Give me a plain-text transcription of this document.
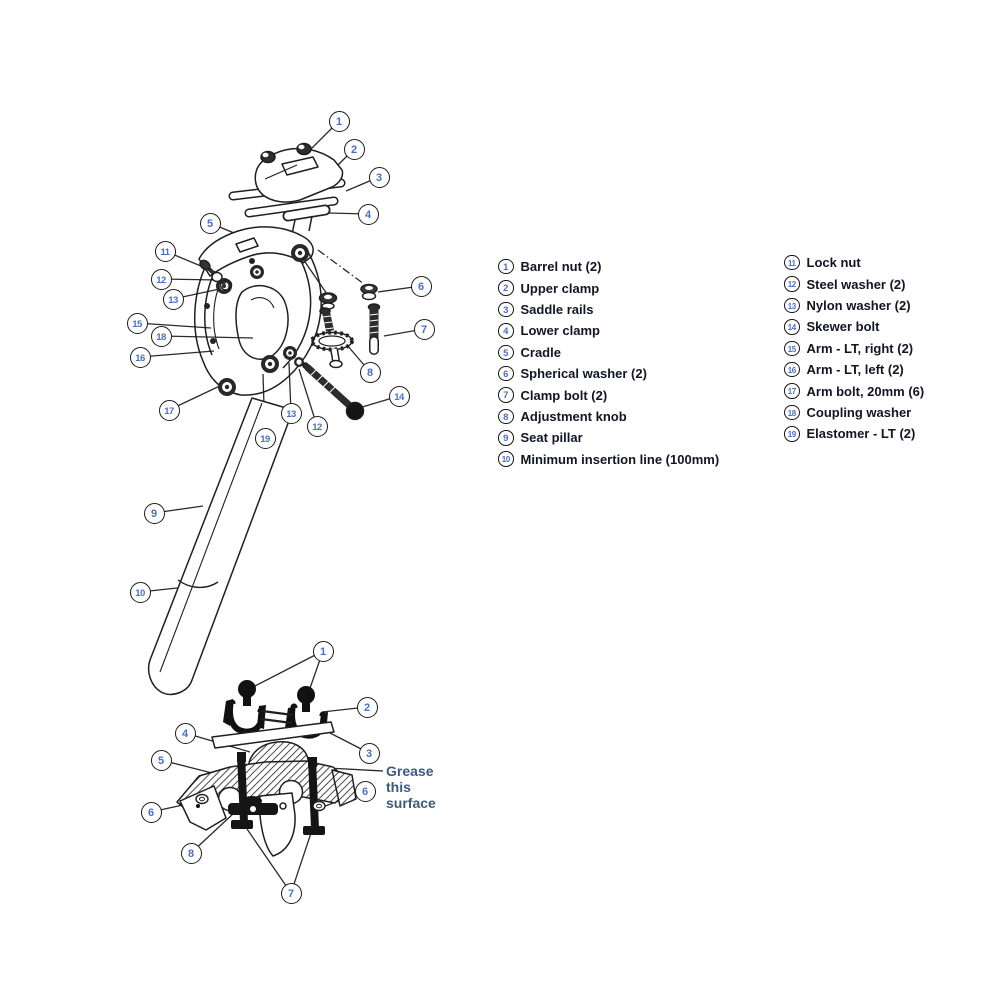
1
2
3
4
5
11
12
13
6
7
15
18
16
8
17	13
12
14
19
9
10
1
2
4
3
5
6
6
8
7
1 Barrel nut (2)
2 Upper clamp
3 Saddle rails
4 Lower clamp
5 Cradle
6 Spherical washer (2)
7 Clamp bolt (2)
8 Adjustment knob
9 Seat pillar
10 Minimum insertion line (100mm)
11 Lock nut
12 Steel washer (2)
13 Nylon washer (2)
14 Skewer bolt
15 Arm - LT, right (2)
16 Arm - LT, left (2)
17 Arm bolt, 20mm (6)
18 Coupling washer
19 Elastomer - LT (2)
Grease this surface
